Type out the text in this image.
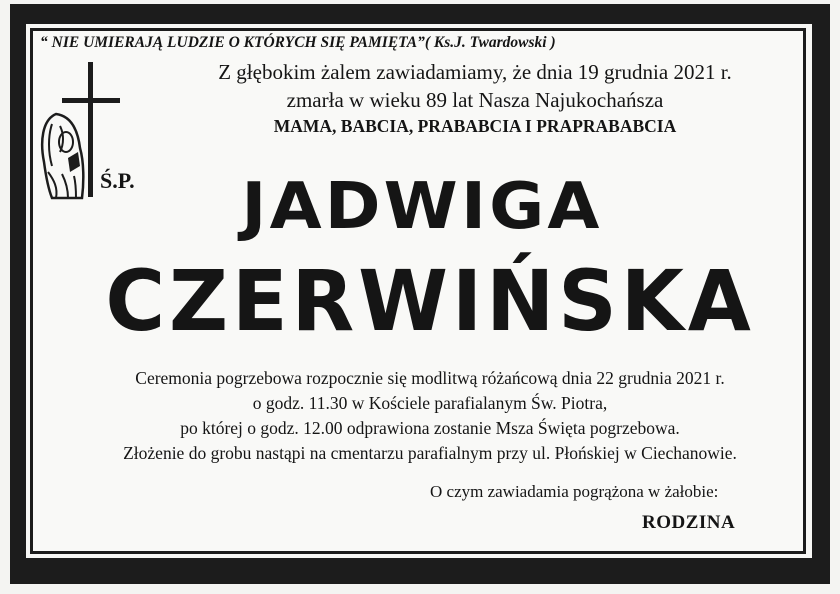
“ NIE UMIERAJĄ LUDZIE O KTÓRYCH SIĘ PAMIĘTA”( Ks.J. Twardowski )
Z głębokim żalem zawiadamiamy, że dnia 19 grudnia 2021 r.
zmarła w wieku 89 lat Nasza Najukochańsza
MAMA, BABCIA, PRABABCIA I PRAPRABABCIA
Ś.P.	JADWIGA
CZERWIŃSKA
Ceremonia pogrzebowa rozpocznie się modlitwą różańcową dnia 22 grudnia 2021 r.
o godz. 11.30 w Kościele parafialanym Św. Piotra,
po której o godz. 12.00 odprawiona zostanie Msza Święta pogrzebowa.
Złożenie do grobu nastąpi na cmentarzu parafialnym przy ul. Płońskiej w Ciechanowie.
O czym zawiadamia pogrążona w żałobie:
RODZINA
